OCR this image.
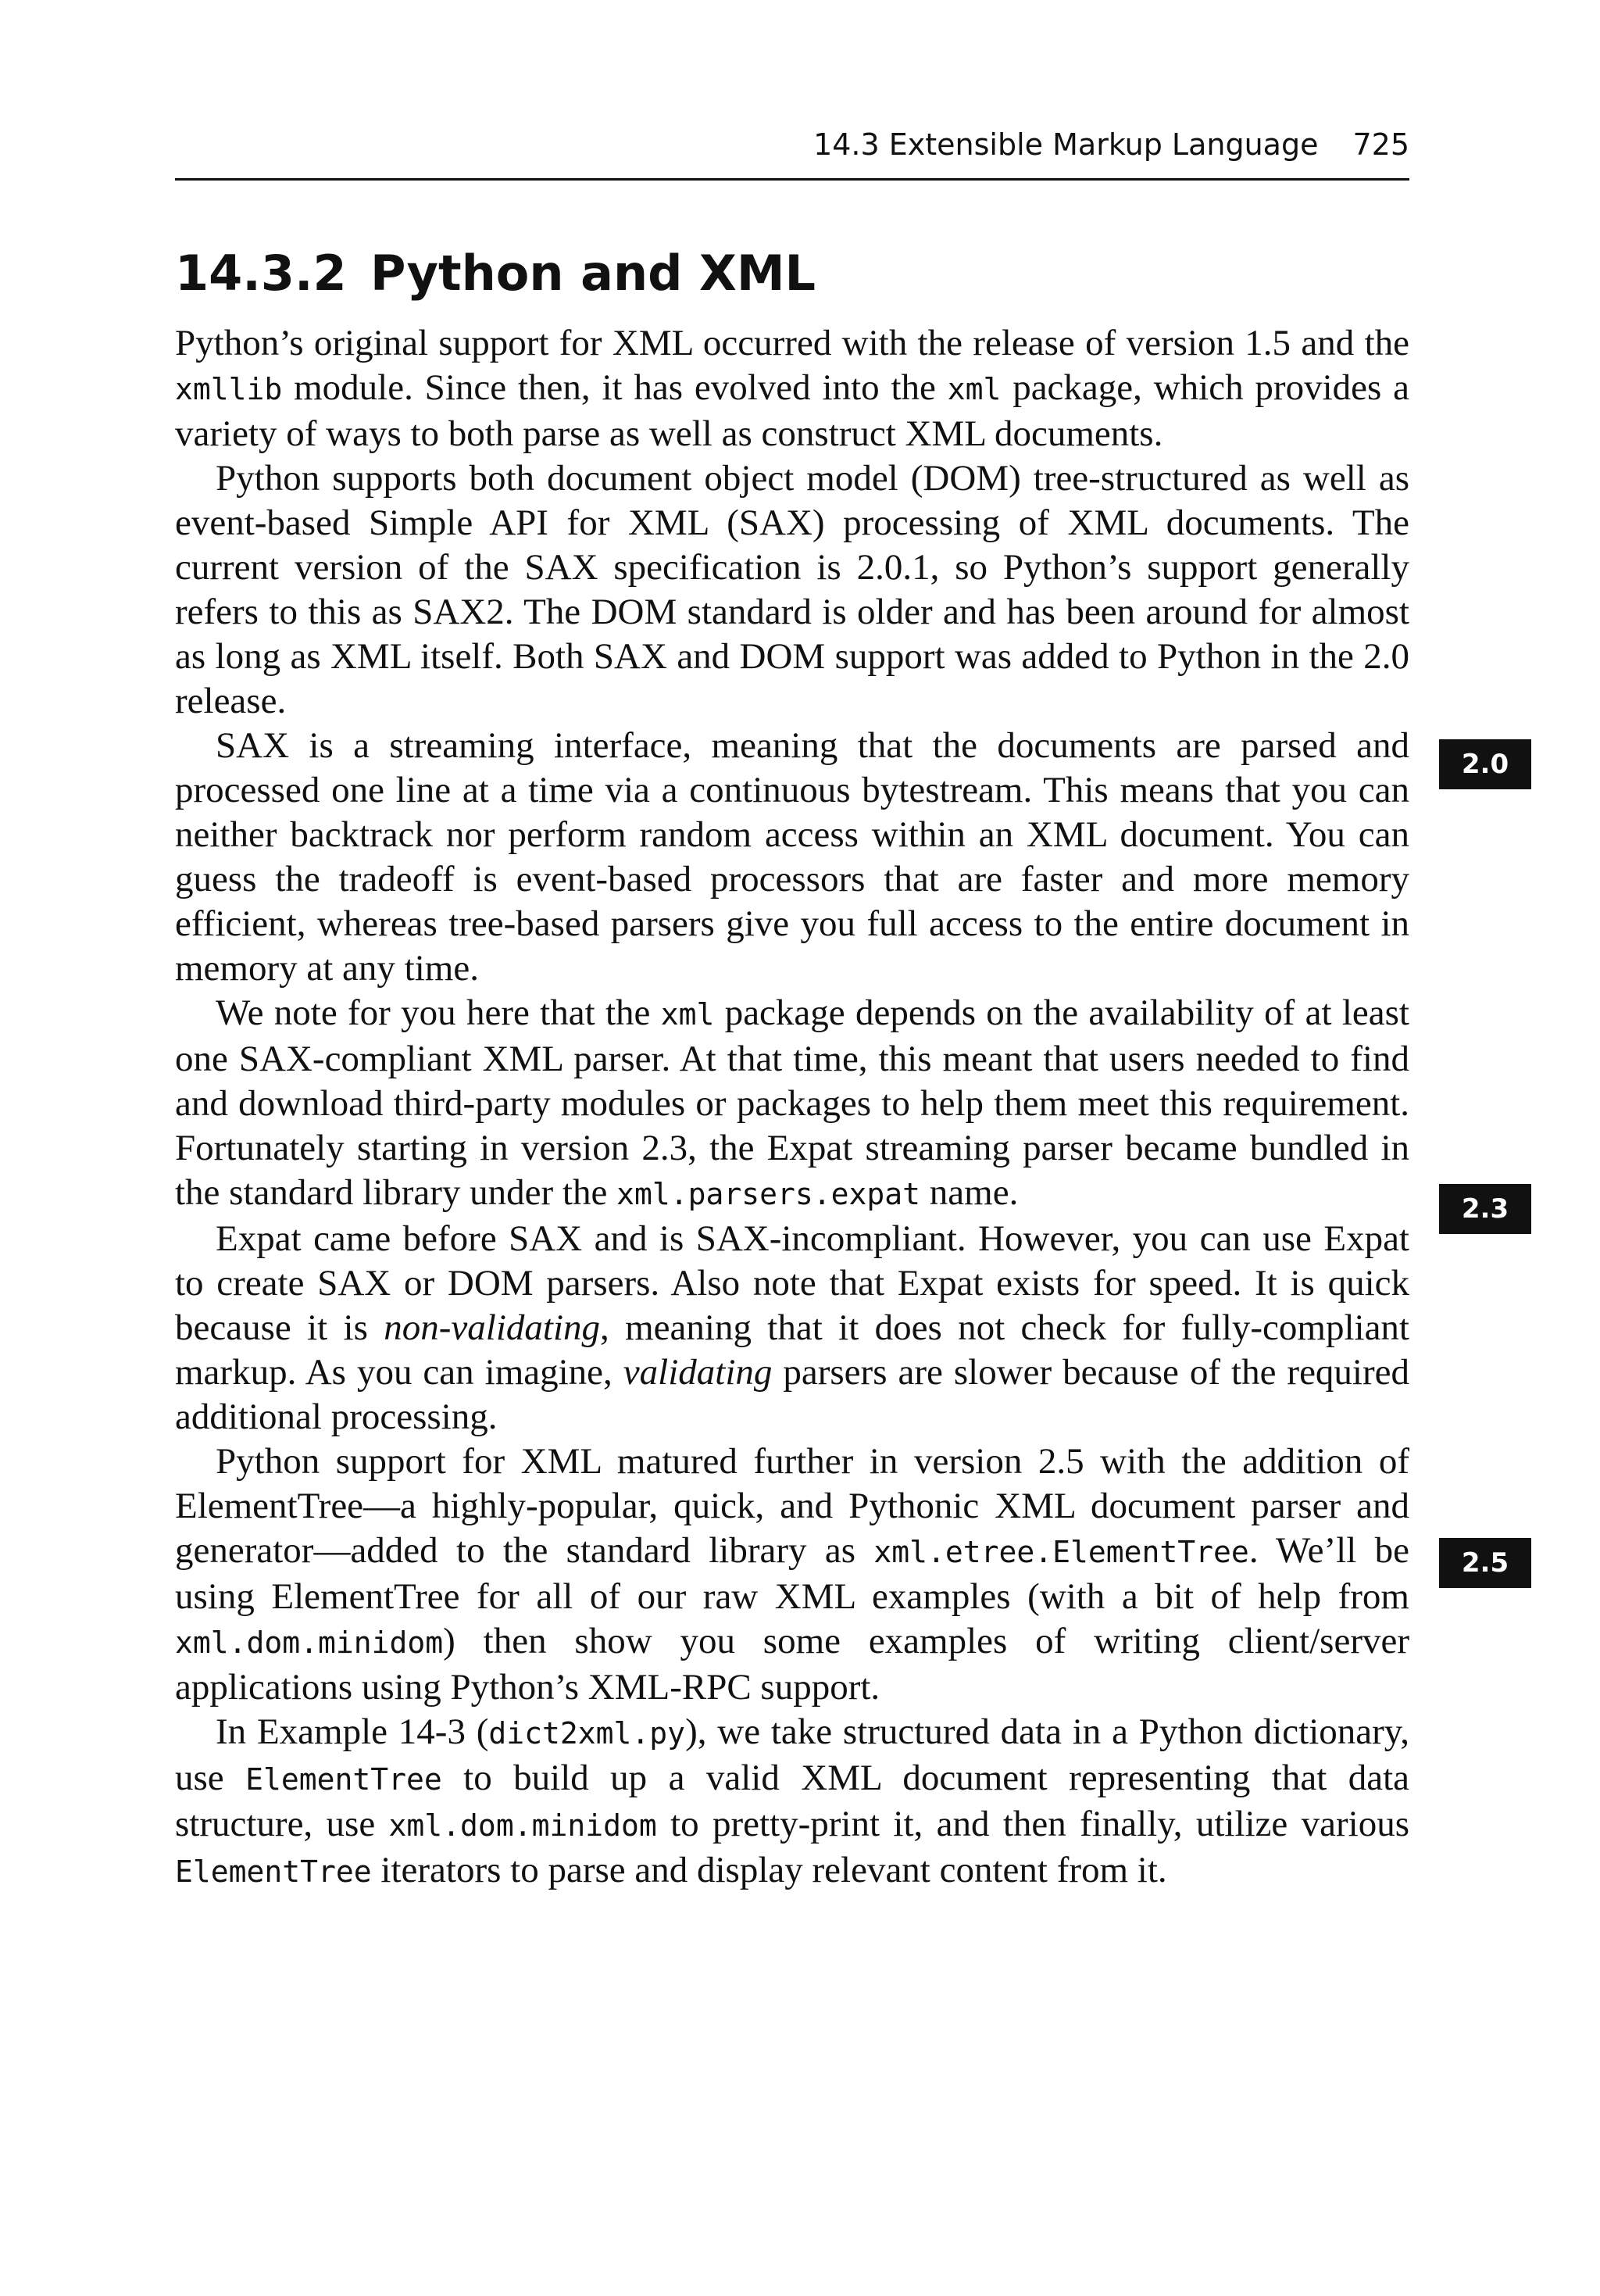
14.3 Extensible Markup Language 725
14.3.2 Python and XML

Python’s original support for XML occurred with the release of version 1.5 and the xmllib module. Since then, it has evolved into the xml package, which provides a variety of ways to both parse as well as construct XML documents.

Python supports both document object model (DOM) tree-structured as well as event-based Simple API for XML (SAX) processing of XML documents. The current version of the SAX specification is 2.0.1, so Python’s support generally refers to this as SAX2. The DOM standard is older and has been around for almost as long as XML itself. Both SAX and DOM support was added to Python in the 2.0 release.

SAX is a streaming interface, meaning that the documents are parsed and processed one line at a time via a continuous bytestream. This means that you can neither backtrack nor perform random access within an XML document. You can guess the tradeoff is event-based processors that are faster and more memory efficient, whereas tree-based parsers give you full access to the entire document in memory at any time.

We note for you here that the xml package depends on the availability of at least one SAX-compliant XML parser. At that time, this meant that users needed to find and download third-party modules or packages to help them meet this requirement. Fortunately starting in version 2.3, the Expat streaming parser became bundled in the standard library under the xml.parsers.expat name.

Expat came before SAX and is SAX-incompliant. However, you can use Expat to create SAX or DOM parsers. Also note that Expat exists for speed. It is quick because it is non-validating, meaning that it does not check for fully-compliant markup. As you can imagine, validating parsers are slower because of the required additional processing.

Python support for XML matured further in version 2.5 with the addition of ElementTree—a highly-popular, quick, and Pythonic XML document parser and generator—added to the standard library as xml.etree.ElementTree. We’ll be using ElementTree for all of our raw XML examples (with a bit of help from xml.dom.minidom) then show you some examples of writing client/server applications using Python’s XML-RPC support.

In Example 14-3 (dict2xml.py), we take structured data in a Python dictionary, use ElementTree to build up a valid XML document representing that data structure, use xml.dom.minidom to pretty-print it, and then finally, utilize various ElementTree iterators to parse and display relevant content from it.

2.0
2.3
2.5
